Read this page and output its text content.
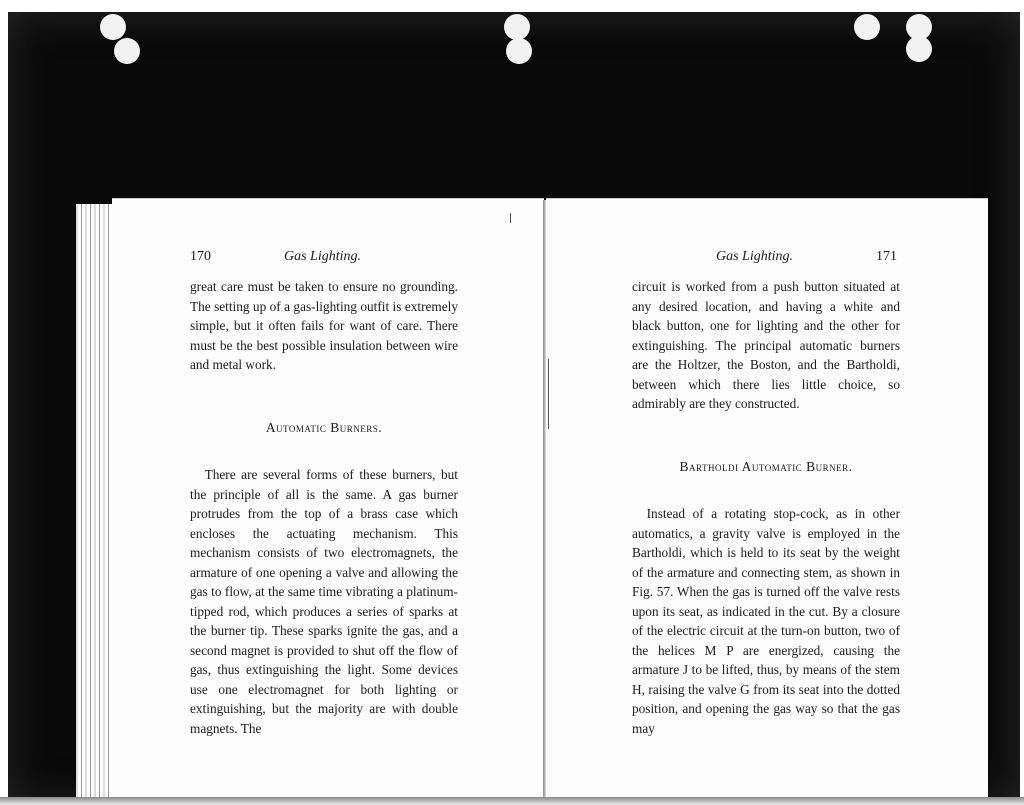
170	Gas Lighting.

great care must be taken to ensure no grounding. The setting up of a gas-lighting outfit is extremely simple, but it often fails for want of care. There must be the best possible insulation between wire and metal work.

Automatic Burners.

There are several forms of these burners, but the principle of all is the same. A gas burner protrudes from the top of a brass case which encloses the actuating mechanism. This mechanism consists of two electromagnets, the armature of one opening a valve and allowing the gas to flow, at the same time vibrating a platinum-tipped rod, which produces a series of sparks at the burner tip. These sparks ignite the gas, and a second magnet is provided to shut off the flow of gas, thus extinguishing the light. Some devices use one electromagnet for both lighting or extinguishing, but the majority are with double magnets. The

Gas Lighting.	171

circuit is worked from a push button situated at any desired location, and having a white and black button, one for lighting and the other for extinguishing. The principal automatic burners are the Holtzer, the Boston, and the Bartholdi, between which there lies little choice, so admirably are they constructed.

Bartholdi Automatic Burner.

Instead of a rotating stop-cock, as in other automatics, a gravity valve is employed in the Bartholdi, which is held to its seat by the weight of the armature and connecting stem, as shown in Fig. 57. When the gas is turned off the valve rests upon its seat, as indicated in the cut. By a closure of the electric circuit at the turn-on button, two of the helices M P are energized, causing the armature J to be lifted, thus, by means of the stem H, raising the valve G from its seat into the dotted position, and opening the gas way so that the gas may
